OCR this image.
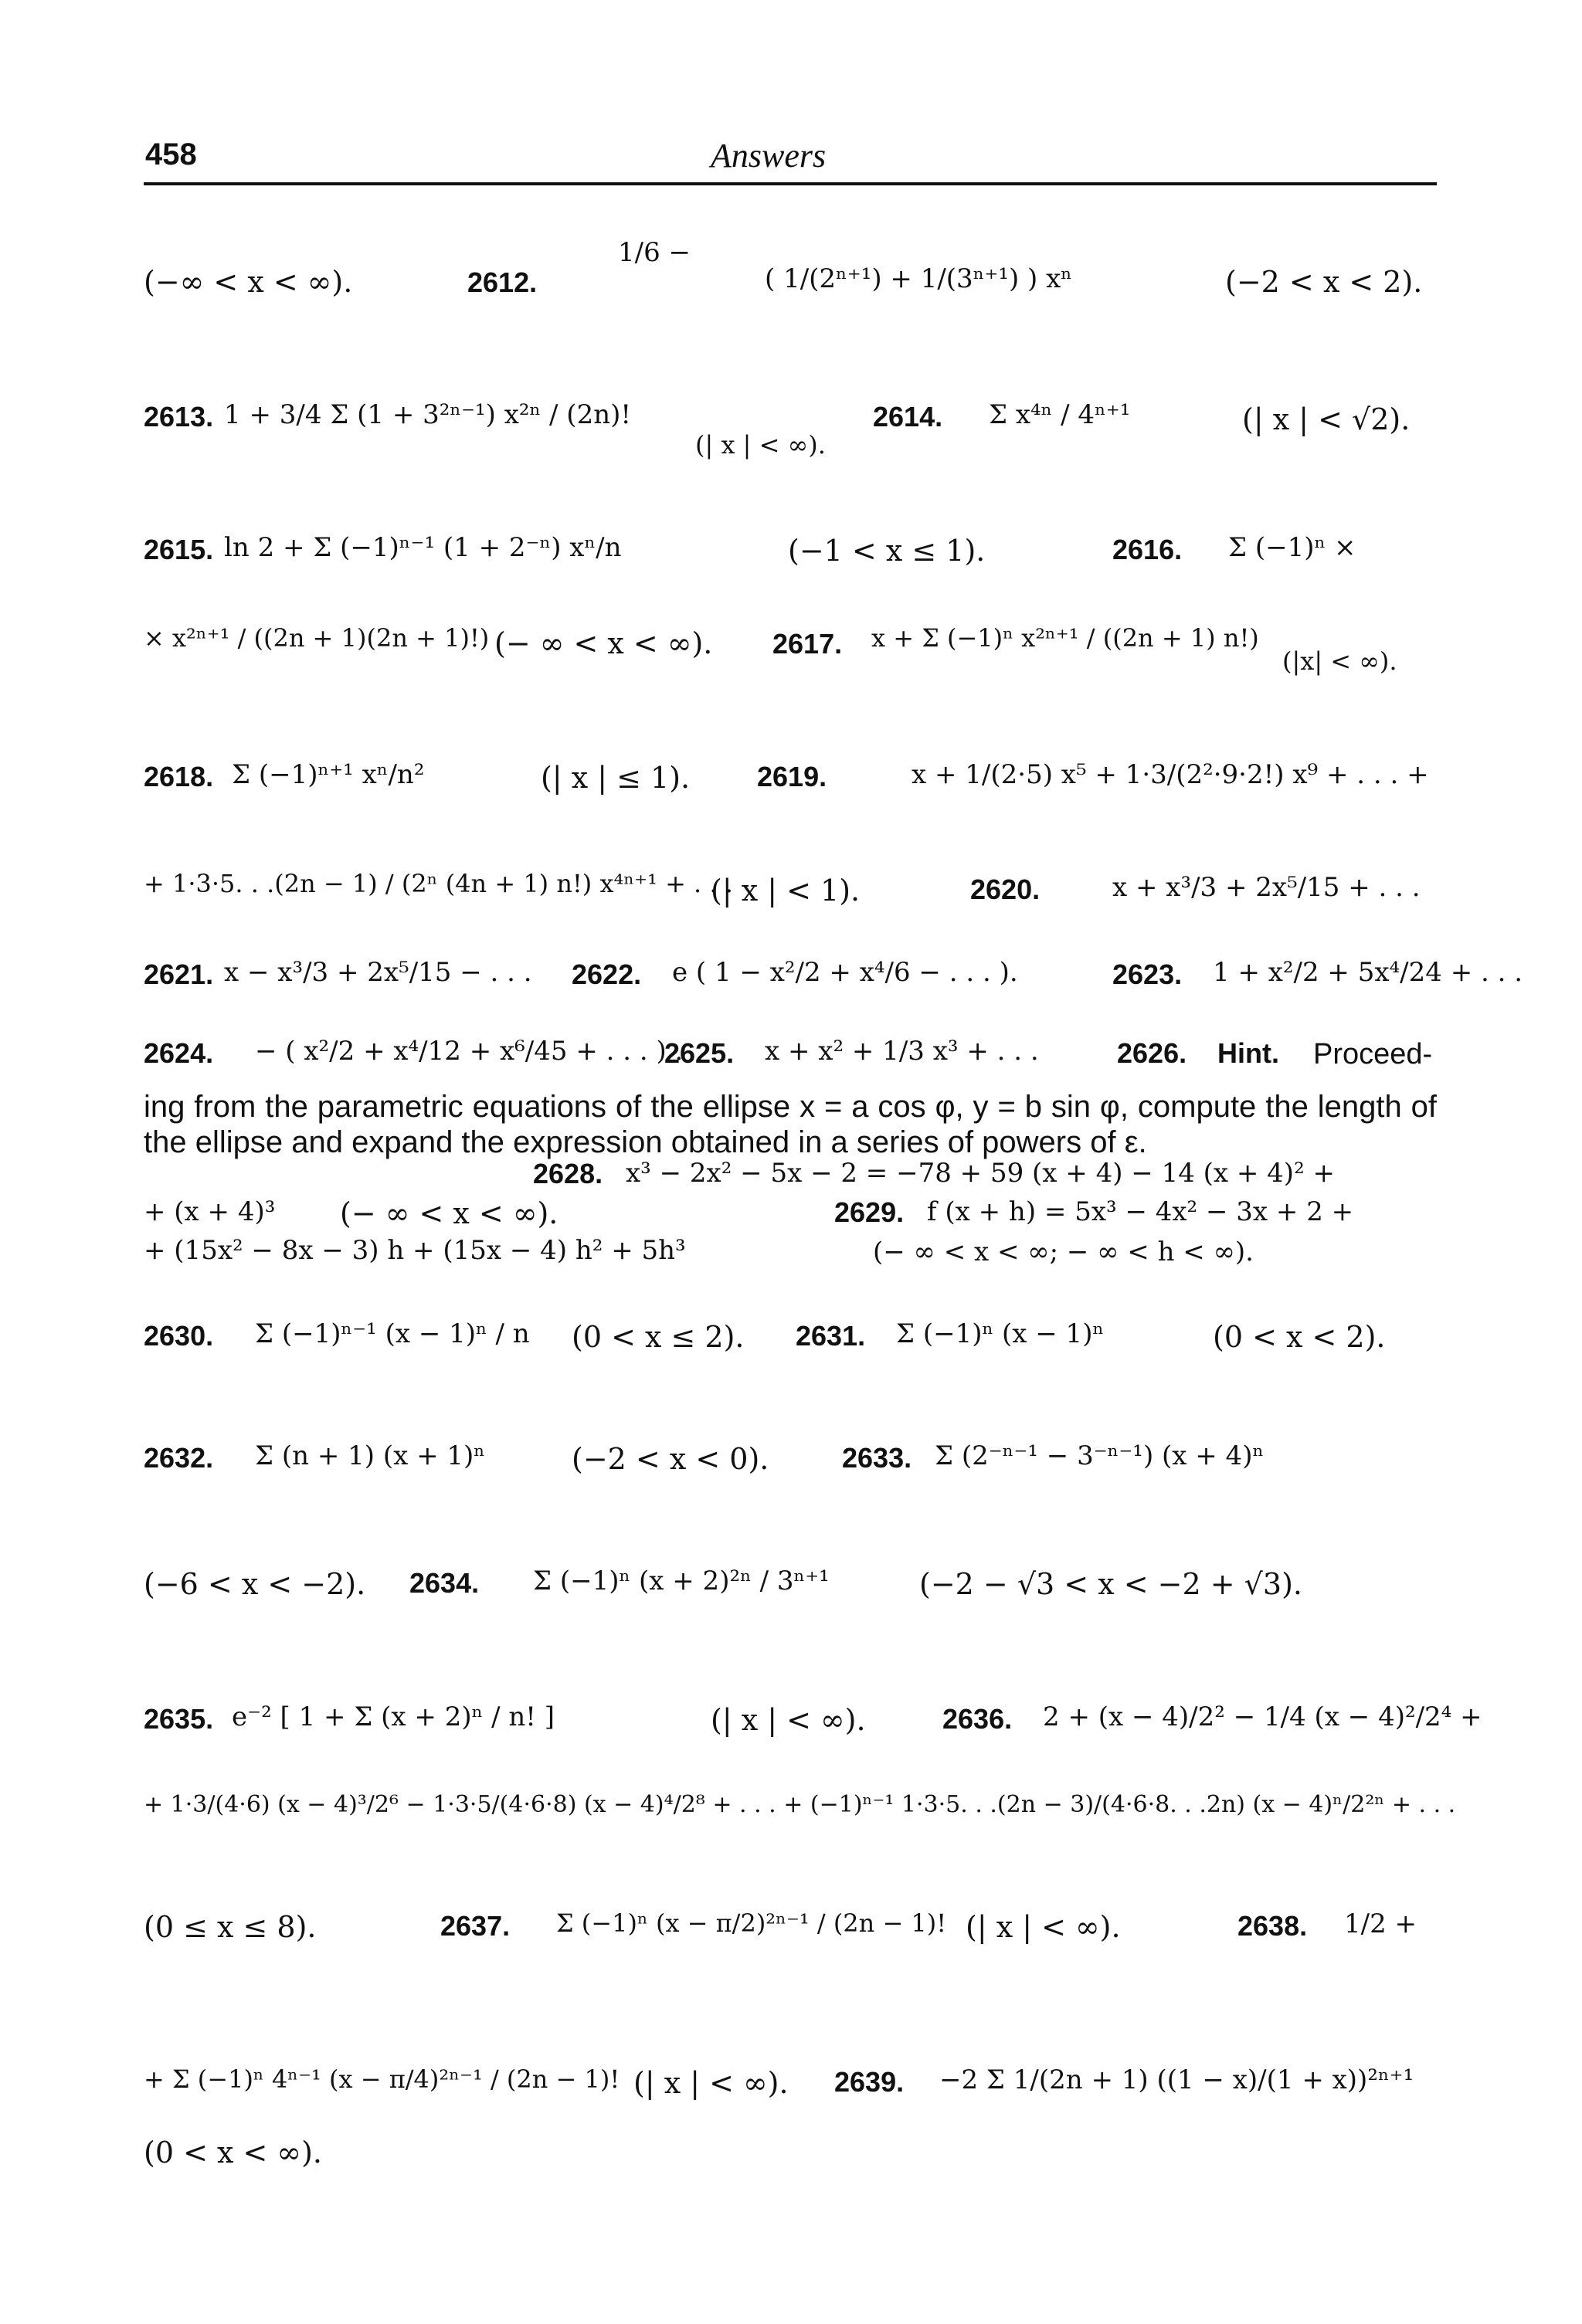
458	Answers
(−∞ < x < ∞).	2612.
1/6 −
( 1/(2ⁿ⁺¹) + 1/(3ⁿ⁺¹) ) xⁿ	(−2 < x < 2).
2613. 1 + 3/4 Σ (1 + 3²ⁿ⁻¹) x²ⁿ / (2n)!
(| x | < ∞).
2614. Σ x⁴ⁿ / 4ⁿ⁺¹	(| x | < √2).
2615. ln 2 + Σ (−1)ⁿ⁻¹ (1 + 2⁻ⁿ) xⁿ/n	(−1 < x ≤ 1).	2616. Σ (−1)ⁿ ×
× x²ⁿ⁺¹ / ((2n + 1)(2n + 1)!) (− ∞ < x < ∞). 2617. x + Σ (−1)ⁿ x²ⁿ⁺¹ / ((2n + 1) n!)
(|x| < ∞).
2618. Σ (−1)ⁿ⁺¹ xⁿ/n²	(| x | ≤ 1). 2619.	x + 1/(2·5) x⁵ + 1·3/(2²·9·2!) x⁹ + . . . +
+ 1·3·5. . .(2n − 1) / (2ⁿ (4n + 1) n!) x⁴ⁿ⁺¹ + . . .
(| x | < 1).	2620.	x + x³/3 + 2x⁵/15 + . . .
2621. x − x³/3 + 2x⁵/15 − . . . 2622. e ( 1 − x²/2 + x⁴/6 − . . . ).	2623. 1 + x²/2 + 5x⁴/24 + . . .
2624. − ( x²/2 + x⁴/12 + x⁶/45 + . . . ) .
2625. x + x² + 1/3 x³ + . . .	2626. Hint. Proceed-
ing from the parametric equations of the ellipse x = a cos φ, y = b sin φ, compute the length of the ellipse and expand the expression obtained in a series of powers of ε.
2628. x³ − 2x² − 5x − 2 = −78 + 59 (x + 4) − 14 (x + 4)² +
+ (x + 4)³ (− ∞ < x < ∞).	2629. f (x + h) = 5x³ − 4x² − 3x + 2 +
+ (15x² − 8x − 3) h + (15x − 4) h² + 5h³	(− ∞ < x < ∞; − ∞ < h < ∞).
2630. Σ (−1)ⁿ⁻¹ (x − 1)ⁿ / n (0 < x ≤ 2). 2631. Σ (−1)ⁿ (x − 1)ⁿ	(0 < x < 2).
2632. Σ (n + 1) (x + 1)ⁿ	(−2 < x < 0).	2633. Σ (2⁻ⁿ⁻¹ − 3⁻ⁿ⁻¹) (x + 4)ⁿ
(−6 < x < −2). 2634. Σ (−1)ⁿ (x + 2)²ⁿ / 3ⁿ⁺¹	(−2 − √3 < x < −2 + √3).
2635. e⁻² [ 1 + Σ (x + 2)ⁿ / n! ]	(| x | < ∞).	2636. 2 + (x − 4)/2² − 1/4 (x − 4)²/2⁴ +
+ 1·3/(4·6) (x − 4)³/2⁶ − 1·3·5/(4·6·8) (x − 4)⁴/2⁸ + . . . + (−1)ⁿ⁻¹ 1·3·5. . .(2n − 3)/(4·6·8. . .2n) (x − 4)ⁿ/2²ⁿ + . . .
(0 ≤ x ≤ 8).	2637. Σ (−1)ⁿ (x − π/2)²ⁿ⁻¹ / (2n − 1)! (| x | < ∞).	2638. 1/2 +
+ Σ (−1)ⁿ 4ⁿ⁻¹ (x − π/4)²ⁿ⁻¹ / (2n − 1)! (| x | < ∞). 2639. −2 Σ 1/(2n + 1) ((1 − x)/(1 + x))²ⁿ⁺¹
(0 < x < ∞).
